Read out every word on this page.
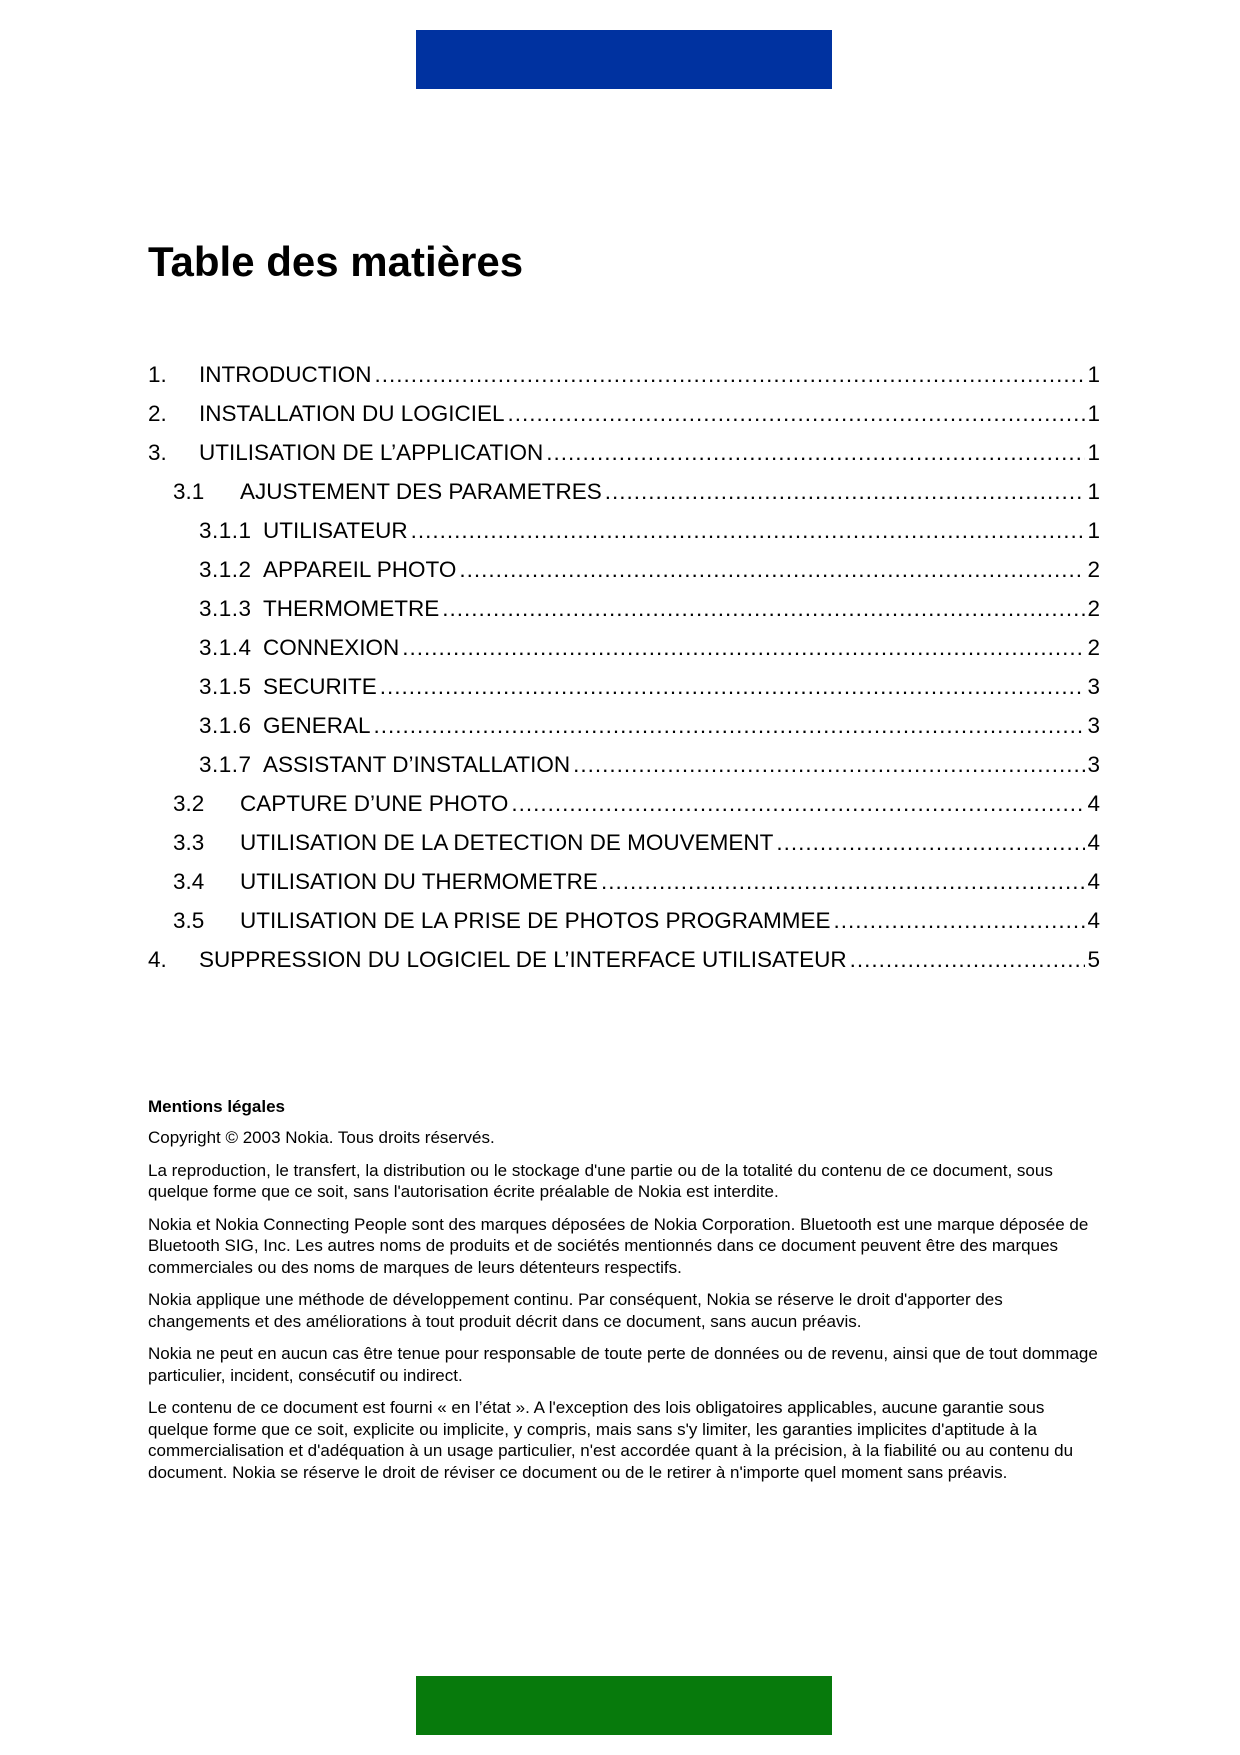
Table des matières
1.	INTRODUCTION .....	1
2.	INSTALLATION DU LOGICIEL .....	1
3.	UTILISATION DE L’APPLICATION .....	1
3.1	AJUSTEMENT DES PARAMETRES .....	1
3.1.1 UTILISATEUR .....	1
3.1.2 APPAREIL PHOTO .....	2
3.1.3 THERMOMETRE .....	2
3.1.4 CONNEXION .....	2
3.1.5 SECURITE .....	3
3.1.6 GENERAL .....	3
3.1.7 ASSISTANT D’INSTALLATION .....	3
3.2	CAPTURE D’UNE PHOTO .....	4
3.3	UTILISATION DE LA DETECTION DE MOUVEMENT .....	4
3.4	UTILISATION DU THERMOMETRE .....	4
3.5	UTILISATION DE LA PRISE DE PHOTOS PROGRAMMEE .....	4
4.	SUPPRESSION DU LOGICIEL DE L’INTERFACE UTILISATEUR .....	5

Mentions légales

Copyright © 2003 Nokia. Tous droits réservés.

La reproduction, le transfert, la distribution ou le stockage d'une partie ou de la totalité du contenu de ce document, sous quelque forme que ce soit, sans l'autorisation écrite préalable de Nokia est interdite.

Nokia et Nokia Connecting People sont des marques déposées de Nokia Corporation. Bluetooth est une marque déposée de Bluetooth SIG, Inc. Les autres noms de produits et de sociétés mentionnés dans ce document peuvent être des marques commerciales ou des noms de marques de leurs détenteurs respectifs.

Nokia applique une méthode de développement continu. Par conséquent, Nokia se réserve le droit d'apporter des changements et des améliorations à tout produit décrit dans ce document, sans aucun préavis.

Nokia ne peut en aucun cas être tenue pour responsable de toute perte de données ou de revenu, ainsi que de tout dommage particulier, incident, consécutif ou indirect.

Le contenu de ce document est fourni « en l’état ». A l'exception des lois obligatoires applicables, aucune garantie sous quelque forme que ce soit, explicite ou implicite, y compris, mais sans s'y limiter, les garanties implicites d'aptitude à la commercialisation et d'adéquation à un usage particulier, n'est accordée quant à la précision, à la fiabilité ou au contenu du document. Nokia se réserve le droit de réviser ce document ou de le retirer à n'importe quel moment sans préavis.
